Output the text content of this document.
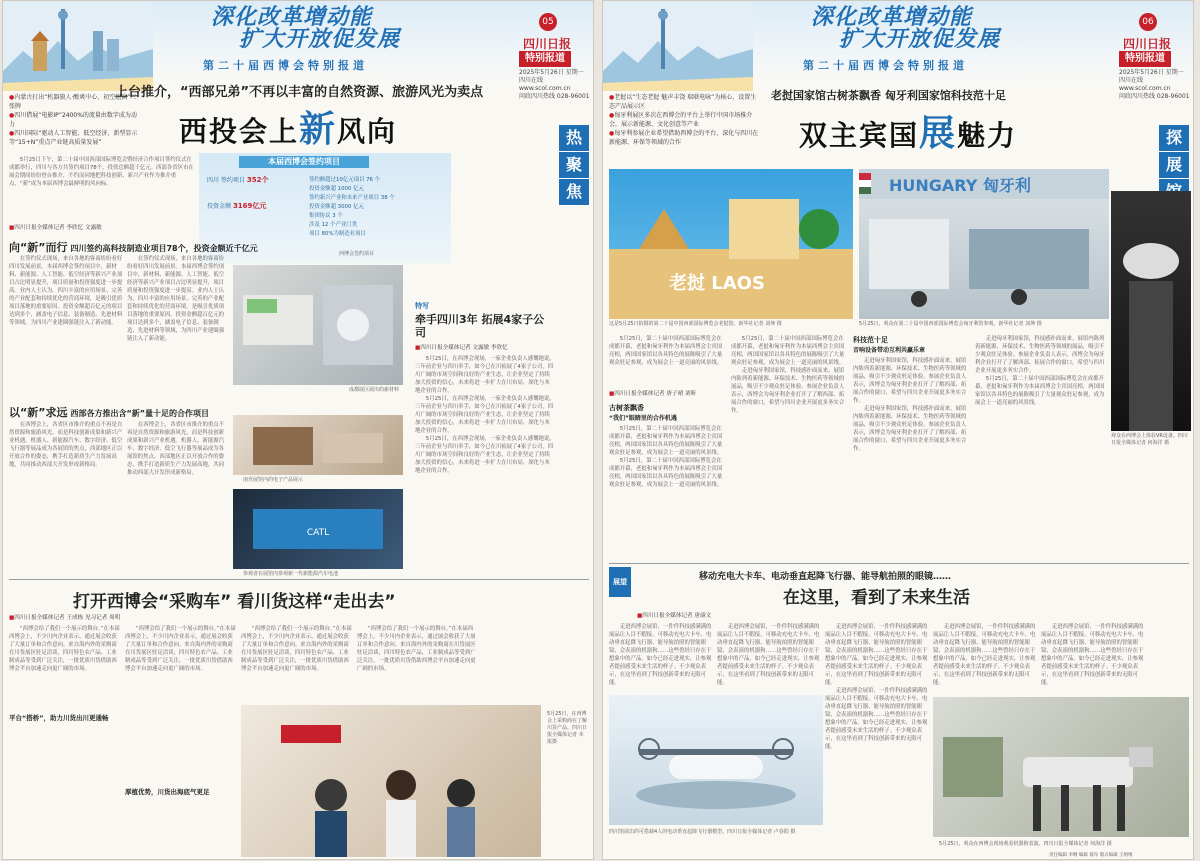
深化改革增动能
扩大开放促发展
05
四川日报
特别报道
第二十届西博会特别报道
2025年5月26日 星期一
四川在线 www.scol.com.cn
问政四川热线 028-96001
● 内蒙古打出“机器狼人·酸爽中心、初空组演”三张牌
● 四川借展“电影IP”2400%的流量由数字成为动力
● 四川国际“驱动人工智能，低空经济、新型显示等“15+N”重点产业链高质量发展”
上台推介，“西部兄弟”不再以丰富的自然资源、旅游风光为卖点
西投会上新风向	热
聚
焦

5月25日下午，第二十届中国西部国际博览会暨经济合作项目签约仪式在成都举行，四川与各方共签约项目78个，投资总额超千亿元。西部各省区市在展会期间纷纷登台推介，不约而同地把科技创新、新兴产业作为推介重点，“新”成为本届西博会最鲜明的风向标。

■ 四川日报全媒体记者 李欣忆 文露敏
本届西博会签约项目
四川 签约项目 352个
投资金额 3169亿元
签约额超过10亿元项目 76 个
投资金额超 1000 亿元
签约新兴产业和未来产业项目 38 个
投资金额超 3000 亿元
集团协议 3 个
涉及 12 个产业门类
项目 80%为制造业项目
西博会签约项目
向“新”而行 四川签约高科技制造业项目78个，投资金额近千亿元

在签约仪式现场，来自各地的客商纷纷看好四川发展前景。本届西博会签约项目中，新材料、新能源、人工智能、低空经济等新兴产业项目占比明显提升，项目质量和投资强度进一步提高。业内人士认为，四川丰富的应用场景、完善的产业配套和持续优化的营商环境，是吸引优质项目落地的重要原因。投资金额超百亿元的项目达到多个，涵盖电子信息、装备制造、先进材料等领域，为四川产业建圈强链注入了新动能。

在签约仪式现场，来自各地的客商纷纷看好四川发展前景。本届西博会签约项目中，新材料、新能源、人工智能、低空经济等新兴产业项目占比明显提升，项目质量和投资强度进一步提高。业内人士认为，四川丰富的应用场景、完善的产业配套和持续优化的营商环境，是吸引优质项目落地的重要原因。投资金额超百亿元的项目达到多个，涵盖电子信息、装备制造、先进材料等领域，为四川产业建圈强链注入了新动能。

成都展区展出的新材料
以“新”求远 西部各方推出含“新”量十足的合作项目

在西博会上，各省区市推介的重点不再是自然资源和旅游风光，而是科技创新成果和新兴产业机遇。机器人、新能源汽车、数字经济、低空飞行器等展品成为各展馆的焦点，西部地区正以开放合作的姿态，携手打造新质生产力发展高地，共同推动西部大开发形成新格局。

在西博会上，各省区市推介的重点不再是自然资源和旅游风光，而是科技创新成果和新兴产业机遇。机器人、新能源汽车、数字经济、低空飞行器等展品成为各展馆的焦点，西部地区正以开放合作的姿态，携手打造新质生产力发展高地，共同推动西部大开发形成新格局。

南充展馆内的电子产品展示
CATL
参观者在展馆内参观新一代新能源汽车电池
特写
牵手四川3年 拓展4家子公司
■ 四川日报全媒体记者 文露敏 李欣忆

5月25日，在西博会现场，一家企业负责人感慨地说，三年前企业与四川牵手，如今已在川拓展了4家子公司。四川广阔的市场空间和良好的产业生态，让企业坚定了持续加大投资的信心，未来将进一步扩大在川布局，深化与本地企业的合作。

5月25日，在西博会现场，一家企业负责人感慨地说，三年前企业与四川牵手，如今已在川拓展了4家子公司。四川广阔的市场空间和良好的产业生态，让企业坚定了持续加大投资的信心，未来将进一步扩大在川布局，深化与本地企业的合作。

5月25日，在西博会现场，一家企业负责人感慨地说，三年前企业与四川牵手，如今已在川拓展了4家子公司。四川广阔的市场空间和良好的产业生态，让企业坚定了持续加大投资的信心，未来将进一步扩大在川布局，深化与本地企业的合作。

打开西博会“采购车” 看川货这样“走出去”
■ 四川日报全媒体记者 王成栋 见习记者 周明

“西博会给了我们一个展示的舞台。”在本届西博会上，不少川内企业表示，通过展会收获了大量订单和合作意向。来自海内外的采购商在川货展区驻足洽谈，四川特色农产品、工业制成品等受到广泛关注，一批优质川货借助西博会平台加速走向更广阔的市场。

平台“搭桥”，助力川货出川更通畅

“西博会给了我们一个展示的舞台。”在本届西博会上，不少川内企业表示，通过展会收获了大量订单和合作意向。来自海内外的采购商在川货展区驻足洽谈，四川特色农产品、工业制成品等受到广泛关注，一批优质川货借助西博会平台加速走向更广阔的市场。

厚植优势，川货出海底气更足

“西博会给了我们一个展示的舞台。”在本届西博会上，不少川内企业表示，通过展会收获了大量订单和合作意向。来自海内外的采购商在川货展区驻足洽谈，四川特色农产品、工业制成品等受到广泛关注，一批优质川货借助西博会平台加速走向更广阔的市场。

“西博会给了我们一个展示的舞台。”在本届西博会上，不少川内企业表示，通过展会收获了大量订单和合作意向。来自海内外的采购商在川货展区驻足洽谈，四川特色农产品、工业制成品等受到广泛关注，一批优质川货借助西博会平台加速走向更广阔的市场。

5月25日，在西博会上采购商在了解川货产品。四川日报全媒体记者 本报摄
深化改革增动能
扩大开放促发展
06
四川日报
特别报道
第二十届西博会特别报道
2025年5月26日 星期一
四川在线 www.scol.com.cn
问政四川热线 028-96001
● 老挝以“生态老挝 魅声丰饶 瑞联电咏”为核心，设置生态产品展示区
● 匈牙利展区多次在西博会的平台上举行中国市场推介会，展示新能源、文化创意等产业
● 匈牙利参展企业希望借助西博会的平台，深化与四川在新能源、环保等领域的合作
老挝国家馆古树茶飘香 匈牙利国家馆科技范十足
双主宾国展魅力	探
展
老挝 LAOS
这是5月25日拍摄的第二十届中国西部国际博览会老挝馆。新华社记者 刘坤 摄
HUNGARY 匈牙利
5月25日，观众在第二十届中国西部国际博览会匈牙利馆参观。新华社记者 刘坤 摄
观众在西博会上体验VR设备。四川日报全媒体记者 何海洋 摄

5月25日，第二十届中国西部国际博览会在成都开幕，老挝和匈牙利作为本届西博会主宾国亮相，两国国家馆以各具特色的展陈吸引了大量观众驻足参观，成为展会上一道亮丽的风景线。

■ 四川日报全媒体记者 唐子晴 刘昕
古树茶飘香
“我们”眼睛里的合作机遇

5月25日，第二十届中国西部国际博览会在成都开幕，老挝和匈牙利作为本届西博会主宾国亮相，两国国家馆以各具特色的展陈吸引了大量观众驻足参观，成为展会上一道亮丽的风景线。

5月25日，第二十届中国西部国际博览会在成都开幕，老挝和匈牙利作为本届西博会主宾国亮相，两国国家馆以各具特色的展陈吸引了大量观众驻足参观，成为展会上一道亮丽的风景线。

5月25日，第二十届中国西部国际博览会在成都开幕，老挝和匈牙利作为本届西博会主宾国亮相，两国国家馆以各具特色的展陈吸引了大量观众驻足参观，成为展会上一道亮丽的风景线。

走进匈牙利国家馆，科技感扑面而来。展馆内陈列着新能源、环保技术、生物医药等领域的展品，吸引不少观众驻足体验。参展企业负责人表示，西博会为匈牙利企业打开了了解西部、拓展合作的窗口，希望与四川企业开展更多务实合作。

科技范十足
音响设备带动互利共赢乐章

走进匈牙利国家馆，科技感扑面而来。展馆内陈列着新能源、环保技术、生物医药等领域的展品，吸引不少观众驻足体验。参展企业负责人表示，西博会为匈牙利企业打开了了解西部、拓展合作的窗口，希望与四川企业开展更多务实合作。

走进匈牙利国家馆，科技感扑面而来。展馆内陈列着新能源、环保技术、生物医药等领域的展品，吸引不少观众驻足体验。参展企业负责人表示，西博会为匈牙利企业打开了了解西部、拓展合作的窗口，希望与四川企业开展更多务实合作。

走进匈牙利国家馆，科技感扑面而来。展馆内陈列着新能源、环保技术、生物医药等领域的展品，吸引不少观众驻足体验。参展企业负责人表示，西博会为匈牙利企业打开了了解西部、拓展合作的窗口，希望与四川企业开展更多务实合作。

5月25日，第二十届中国西部国际博览会在成都开幕，老挝和匈牙利作为本届西博会主宾国亮相，两国国家馆以各具特色的展陈吸引了大量观众驻足参观，成为展会上一道亮丽的风景线。

展望	移动充电大卡车、电动垂直起降飞行器、能导航拍照的眼镜……
在这里，看到了未来生活
■ 四川日报全媒体记者 唐康文

走进西博会展馆，一件件科技感满满的展品让人目不暇接。可移动充电大卡车、电动垂直起降飞行器、能导航拍照的智能眼镜、会表演的机器狗……这些曾经只存在于想象中的产品，如今已经走进现实，让参观者提前感受未来生活的样子。不少观众表示，在这里看到了科技创新带来的无限可能。

走进西博会展馆，一件件科技感满满的展品让人目不暇接。可移动充电大卡车、电动垂直起降飞行器、能导航拍照的智能眼镜、会表演的机器狗……这些曾经只存在于想象中的产品，如今已经走进现实，让参观者提前感受未来生活的样子。不少观众表示，在这里看到了科技创新带来的无限可能。

走进西博会展馆，一件件科技感满满的展品让人目不暇接。可移动充电大卡车、电动垂直起降飞行器、能导航拍照的智能眼镜、会表演的机器狗……这些曾经只存在于想象中的产品，如今已经走进现实，让参观者提前感受未来生活的样子。不少观众表示，在这里看到了科技创新带来的无限可能。

走进西博会展馆，一件件科技感满满的展品让人目不暇接。可移动充电大卡车、电动垂直起降飞行器、能导航拍照的智能眼镜、会表演的机器狗……这些曾经只存在于想象中的产品，如今已经走进现实，让参观者提前感受未来生活的样子。不少观众表示，在这里看到了科技创新带来的无限可能。

走进西博会展馆，一件件科技感满满的展品让人目不暇接。可移动充电大卡车、电动垂直起降飞行器、能导航拍照的智能眼镜、会表演的机器狗……这些曾经只存在于想象中的产品，如今已经走进现实，让参观者提前感受未来生活的样子。不少观众表示，在这里看到了科技创新带来的无限可能。

走进西博会展馆，一件件科技感满满的展品让人目不暇接。可移动充电大卡车、电动垂直起降飞行器、能导航拍照的智能眼镜、会表演的机器狗……这些曾经只存在于想象中的产品，如今已经走进现实，让参观者提前感受未来生活的样子。不少观众表示，在这里看到了科技创新带来的无限可能。

四川馆展出的可搭载4人的电动垂直起降飞行器模型。四川日报全媒体记者 卢春阳 摄
5月25日，观众在西博会现场观看机器狗表演。四川日报全媒体记者 何海洋 摄
责任编辑 李纲 编辑 郁岑 版式编辑 王纳维
